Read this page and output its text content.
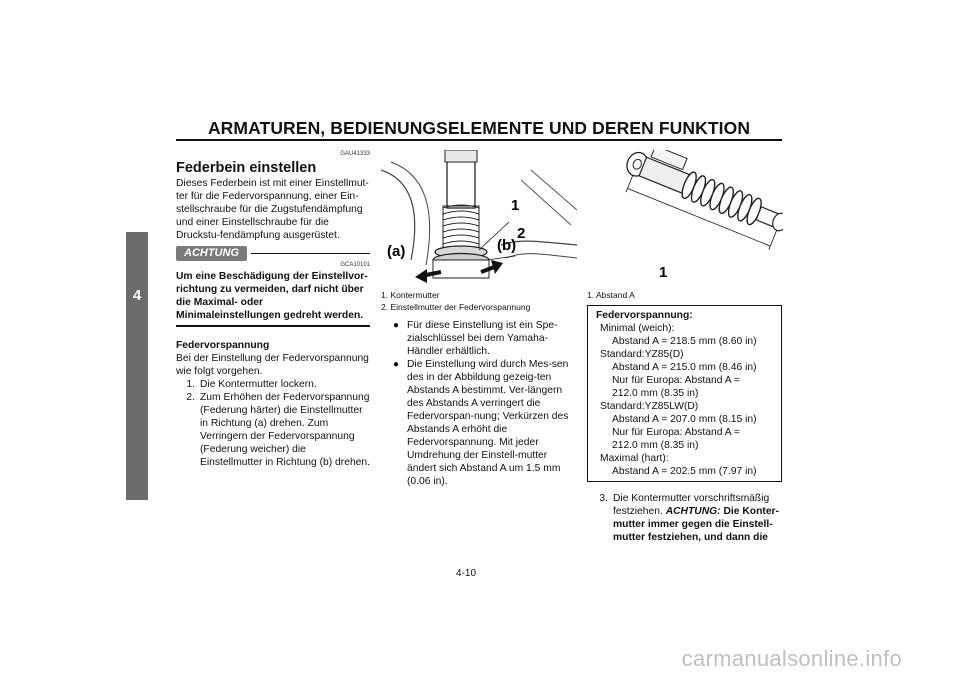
ARMATUREN, BEDIENUNGSELEMENTE UND DEREN FUNKTION
4
GAU41333
Federbein einstellen
Dieses Federbein ist mit einer Einstellmut-ter für die Federvorspannung, einer Ein-stellschraube für die Zugstufendämpfung und einer Einstellschraube für die Druckstu-fendämpfung ausgerüstet.
ACHTUNG
GCA10101
Um eine Beschädigung der Einstellvor-richtung zu vermeiden, darf nicht über die Maximal- oder Minimaleinstellungen gedreht werden.
Federvorspannung
Bei der Einstellung der Federvorspannung wie folgt vorgehen.
1. Die Kontermutter lockern.
2. Zum Erhöhen der Federvorspannung (Federung härter) die Einstellmutter in Richtung (a) drehen. Zum Verringern der Federvorspannung (Federung weicher) die Einstellmutter in Richtung (b) drehen.
1
2
(a)	(b)
1. Kontermutter
2. Einstellmutter der Federvorspannung
● Für diese Einstellung ist ein Spe-zialschlüssel bei dem Yamaha-Händler erhältlich.
● Die Einstellung wird durch Mes-sen des in der Abbildung gezeig-ten Abstands A bestimmt. Ver-längern des Abstands A verringert die Federvorspan-nung; Verkürzen des Abstands A erhöht die Federvorspannung. Mit jeder Umdrehung der Einstell-mutter ändert sich Abstand A um 1.5 mm (0.06 in).
1
1. Abstand A
Federvorspannung:
Minimal (weich):
Abstand A = 218.5 mm (8.60 in)
Standard:YZ85(D)
Abstand A = 215.0 mm (8.46 in)
Nur für Europa: Abstand A =
212.0 mm (8.35 in)
Standard:YZ85LW(D)
Abstand A = 207.0 mm (8.15 in)
Nur für Europa: Abstand A =
212.0 mm (8.35 in)
Maximal (hart):
Abstand A = 202.5 mm (7.97 in)
3. Die Kontermutter vorschriftsmäßig festziehen. ACHTUNG: Die Konter-mutter immer gegen die Einstell-mutter festziehen, und dann die
4-10
carmanualsonline.info
